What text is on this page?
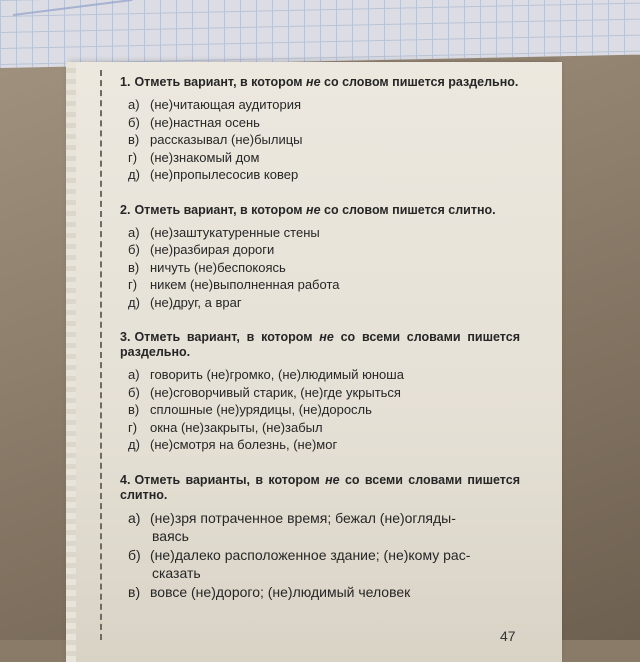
1. Отметь вариант, в котором не со словом пишется раздельно.
а) (не)читающая аудитория
б) (не)настная осень
в) рассказывал (не)былицы
г) (не)знакомый дом
д) (не)пропылесосив ковер
2. Отметь вариант, в котором не со словом пишется слитно.
а) (не)заштукатуренные стены
б) (не)разбирая дороги
в) ничуть (не)беспокоясь
г) никем (не)выполненная работа
д) (не)друг, а враг
3. Отметь вариант, в котором не со всеми словами пишется раздельно.
а) говорить (не)громко, (не)людимый юноша
б) (не)сговорчивый старик, (не)где укрыться
в) сплошные (не)урядицы, (не)доросль
г) окна (не)закрыты, (не)забыл
д) (не)смотря на болезнь, (не)мог
4. Отметь варианты, в котором не со всеми словами пишется слитно.
а) (не)зря потраченное время; бежал (не)огляды-
ваясь
б) (не)далеко расположенное здание; (не)кому рас-
сказать
в) вовсе (не)дорого; (не)людимый человек
47
